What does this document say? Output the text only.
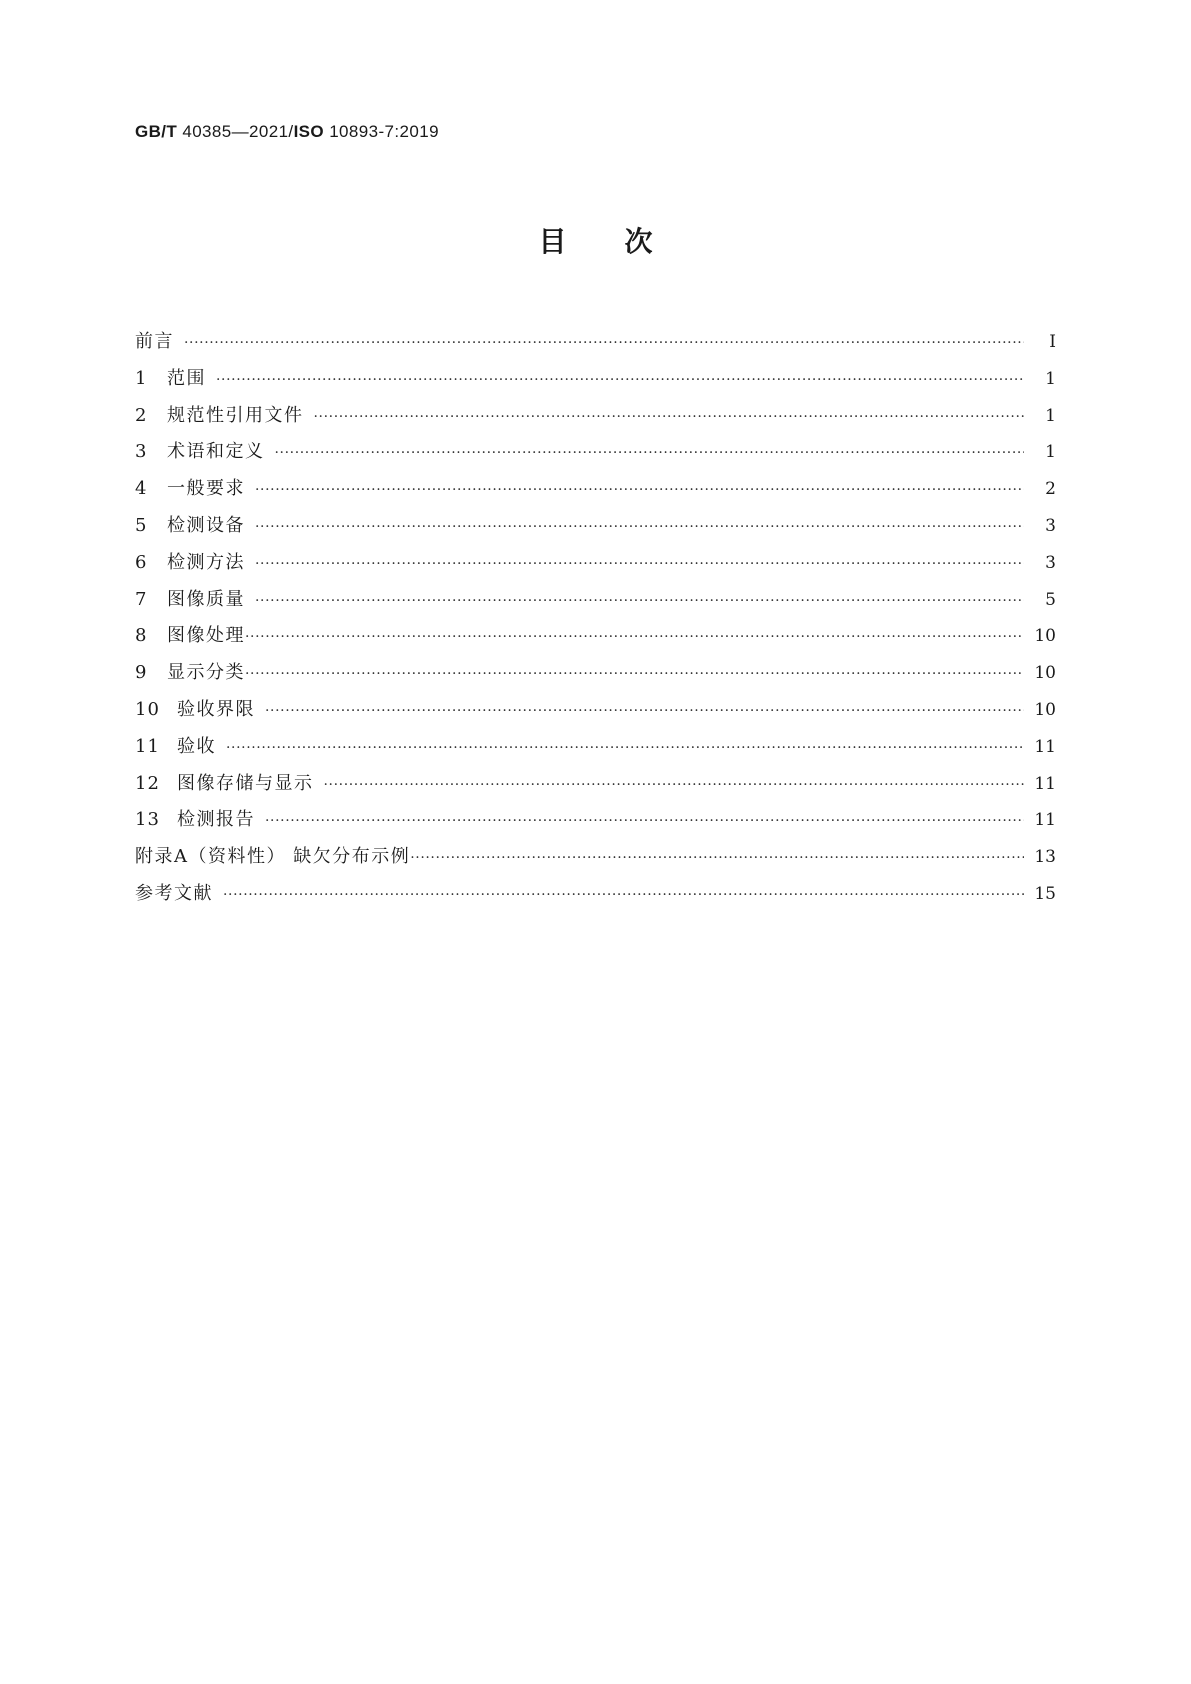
GB/T 40385—2021/ISO 10893-7:2019
目次
前言 ·····	Ⅰ
1	范围 ·····	1
2	规范性引用文件 ·····	1
3	术语和定义 ·····	1
4	一般要求 ·····	2
5	检测设备 ·····	3
6	检测方法 ·····	3
7	图像质量 ·····	5
8	图像处理 ·····	10
9	显示分类 ·····	10
10 验收界限 ·····	10
11 验收 ·····	11
12 图像存储与显示 ·····	11
13 检测报告 ·····	11
附录A（资料性） 缺欠分布示例 ·····	13
参考文献 ·····	15
